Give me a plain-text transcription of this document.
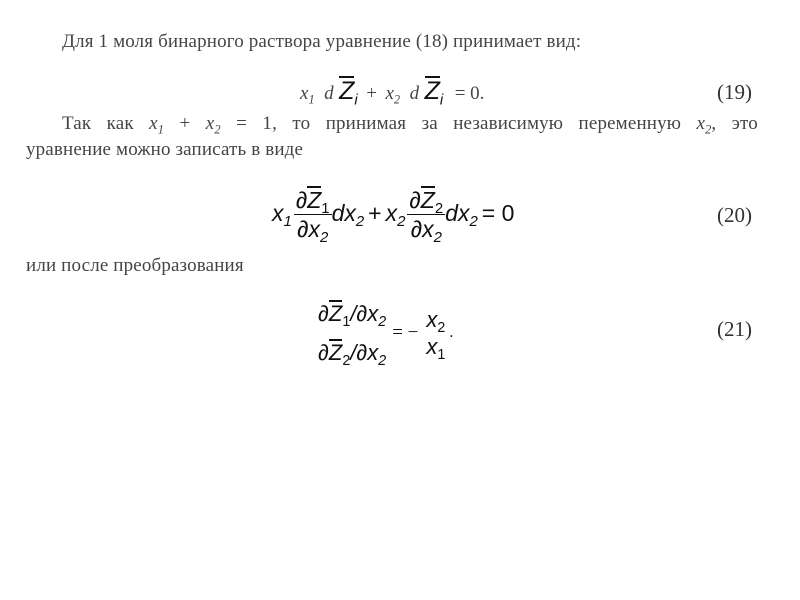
Для 1 моля бинарного раствора уравнение (18) принимает вид:
$x_1$ d $Z_i + x_2$ d $Z_i = 0$.	(19)
Так как $x_1 + x_2 = 1$, то принимая за независимую переменную $x_2$, это
уравнение можно записать в виде
$x_1 \frac{\partial Z_1}{\partial x_2} dx_2 + x_2 \frac{\partial Z_2}{\partial x_2} dx_2 = 0$	(20)
или после преобразования
$\partial Z_1/\partial x_2$
$\partial Z_2/\partial x_2$
= −
$x_2$
$x_1$
.	(21)
